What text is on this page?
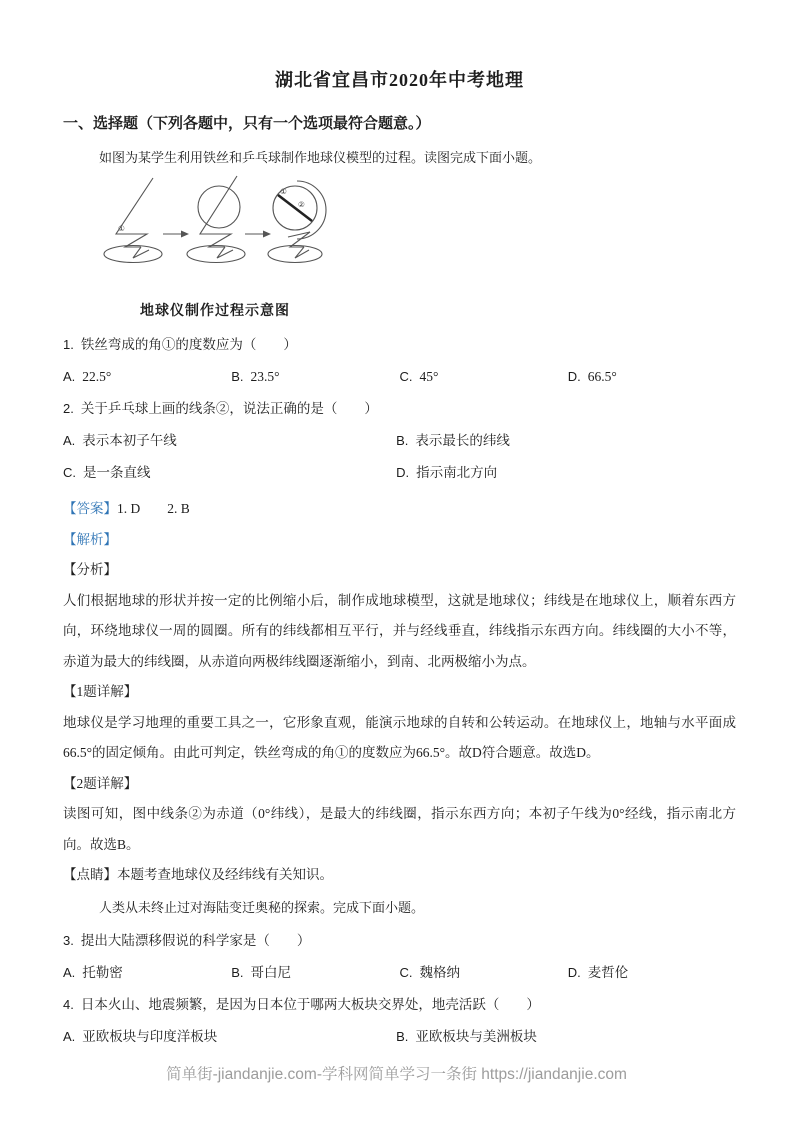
湖北省宜昌市2020年中考地理
一、选择题（下列各题中，只有一个选项最符合题意。）
如图为某学生利用铁丝和乒乓球制作地球仪模型的过程。读图完成下面小题。
①
①
②
地球仪制作过程示意图
1. 铁丝弯成的角①的度数应为（　　）
A. 22.5°	B. 23.5°	C. 45°	D. 66.5°
2. 关于乒乓球上画的线条②，说法正确的是（　　）
A. 表示本初子午线	B. 表示最长的纬线
C. 是一条直线	D. 指示南北方向
【答案】1. D　　2. B
【解析】
【分析】
人们根据地球的形状并按一定的比例缩小后，制作成地球模型，这就是地球仪；纬线是在地球仪上，顺着东西方向，环绕地球仪一周的圆圈。所有的纬线都相互平行，并与经线垂直，纬线指示东西方向。纬线圈的大小不等，赤道为最大的纬线圈，从赤道向两极纬线圈逐渐缩小，到南、北两极缩小为点。
【1题详解】
地球仪是学习地理的重要工具之一，它形象直观，能演示地球的自转和公转运动。在地球仪上，地轴与水平面成66.5°的固定倾角。由此可判定，铁丝弯成的角①的度数应为66.5°。故D符合题意。故选D。
【2题详解】
读图可知，图中线条②为赤道（0°纬线），是最大的纬线圈，指示东西方向；本初子午线为0°经线，指示南北方向。故选B。
【点睛】本题考查地球仪及经纬线有关知识。
人类从未终止过对海陆变迁奥秘的探索。完成下面小题。
3. 提出大陆漂移假说的科学家是（　　）
A. 托勒密	B. 哥白尼	C. 魏格纳	D. 麦哲伦
4. 日本火山、地震频繁，是因为日本位于哪两大板块交界处，地壳活跃（　　）
A. 亚欧板块与印度洋板块	B. 亚欧板块与美洲板块
简单街-jiandanjie.com-学科网简单学习一条街 https://jiandanjie.com
